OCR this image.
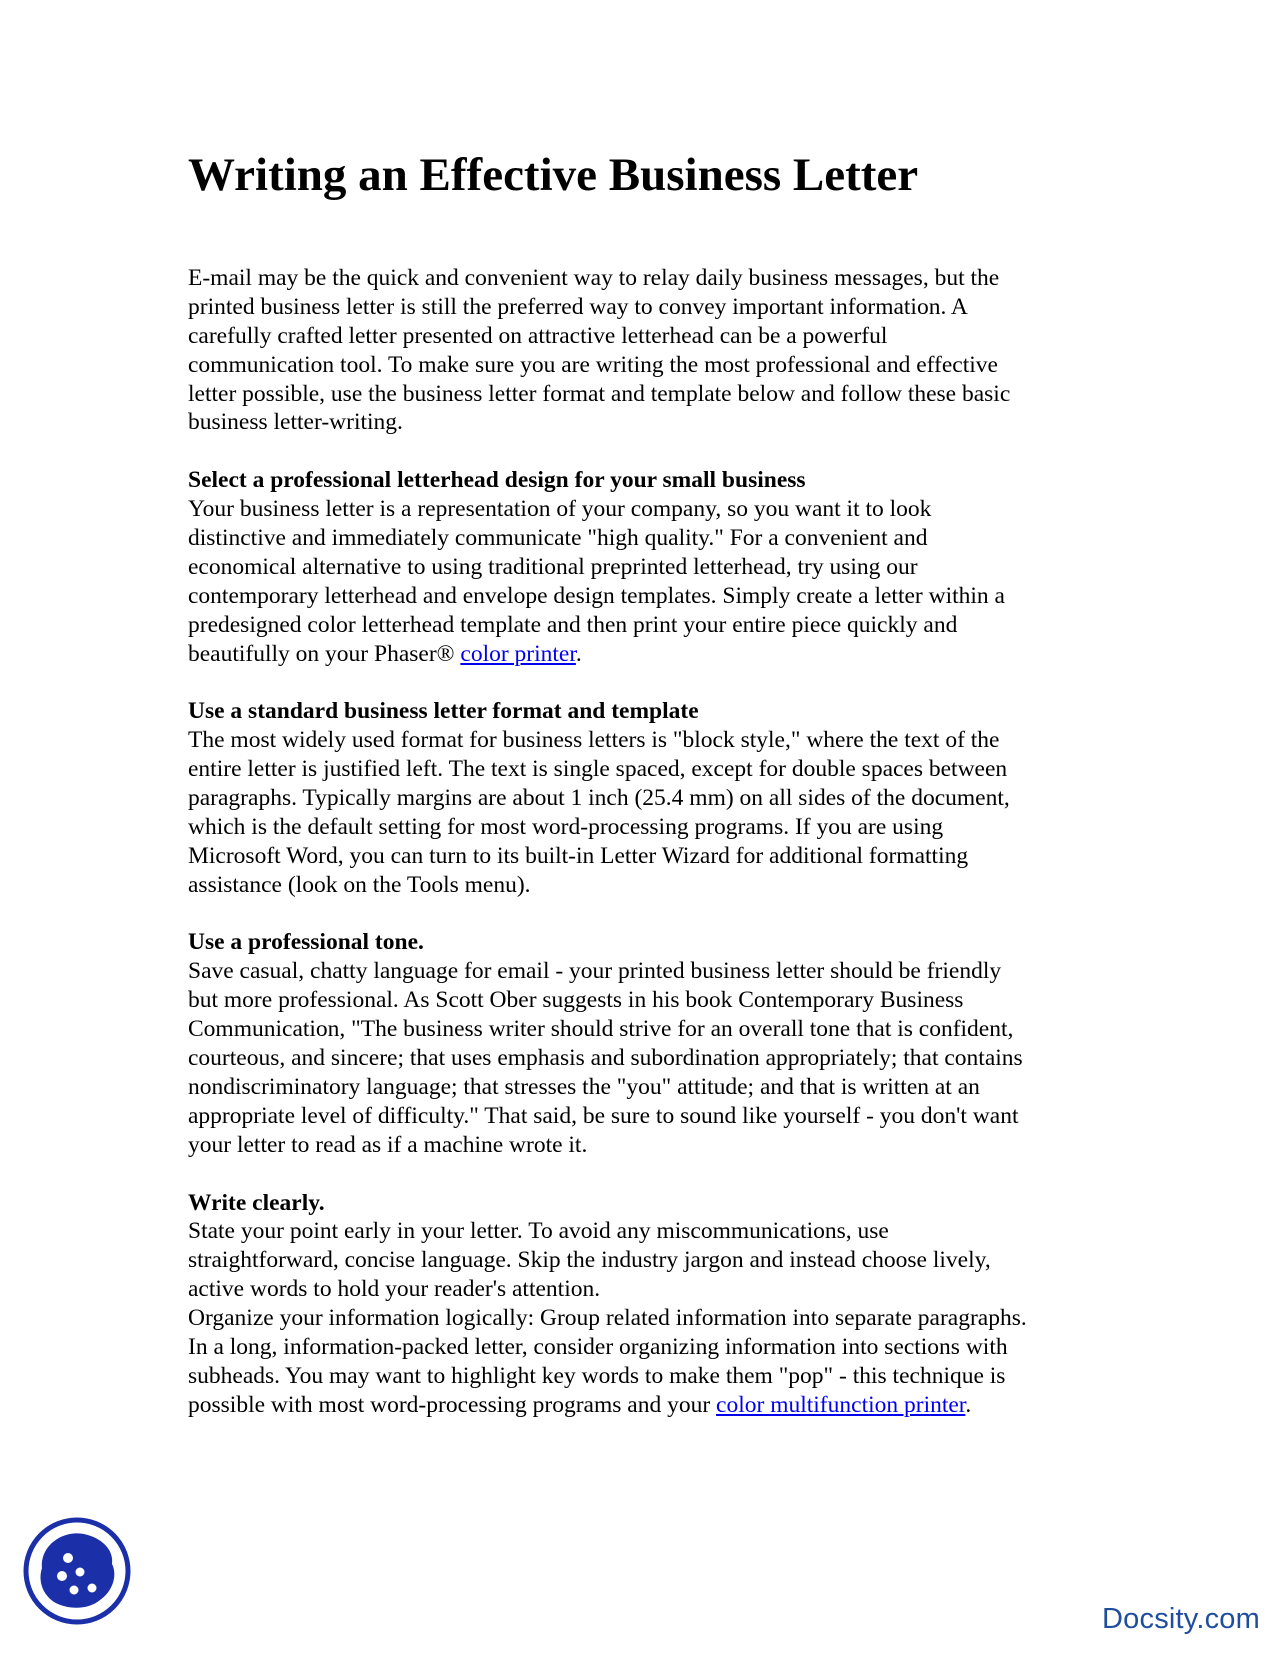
Writing an Effective Business Letter
E-mail may be the quick and convenient way to relay daily business messages, but the
printed business letter is still the preferred way to convey important information. A
carefully crafted letter presented on attractive letterhead can be a powerful
communication tool. To make sure you are writing the most professional and effective
letter possible, use the business letter format and template below and follow these basic
business letter-writing.
Select a professional letterhead design for your small business
Your business letter is a representation of your company, so you want it to look
distinctive and immediately communicate "high quality." For a convenient and
economical alternative to using traditional preprinted letterhead, try using our
contemporary letterhead and envelope design templates. Simply create a letter within a
predesigned color letterhead template and then print your entire piece quickly and
beautifully on your Phaser® color printer.
Use a standard business letter format and template
The most widely used format for business letters is "block style," where the text of the
entire letter is justified left. The text is single spaced, except for double spaces between
paragraphs. Typically margins are about 1 inch (25.4 mm) on all sides of the document,
which is the default setting for most word-processing programs. If you are using
Microsoft Word, you can turn to its built-in Letter Wizard for additional formatting
assistance (look on the Tools menu).
Use a professional tone.
Save casual, chatty language for email - your printed business letter should be friendly
but more professional. As Scott Ober suggests in his book Contemporary Business
Communication, "The business writer should strive for an overall tone that is confident,
courteous, and sincere; that uses emphasis and subordination appropriately; that contains
nondiscriminatory language; that stresses the "you" attitude; and that is written at an
appropriate level of difficulty." That said, be sure to sound like yourself - you don't want
your letter to read as if a machine wrote it.
Write clearly.
State your point early in your letter. To avoid any miscommunications, use
straightforward, concise language. Skip the industry jargon and instead choose lively,
active words to hold your reader's attention.
Organize your information logically: Group related information into separate paragraphs.
In a long, information-packed letter, consider organizing information into sections with
subheads. You may want to highlight key words to make them "pop" - this technique is
possible with most word-processing programs and your color multifunction printer.
Docsity.com
